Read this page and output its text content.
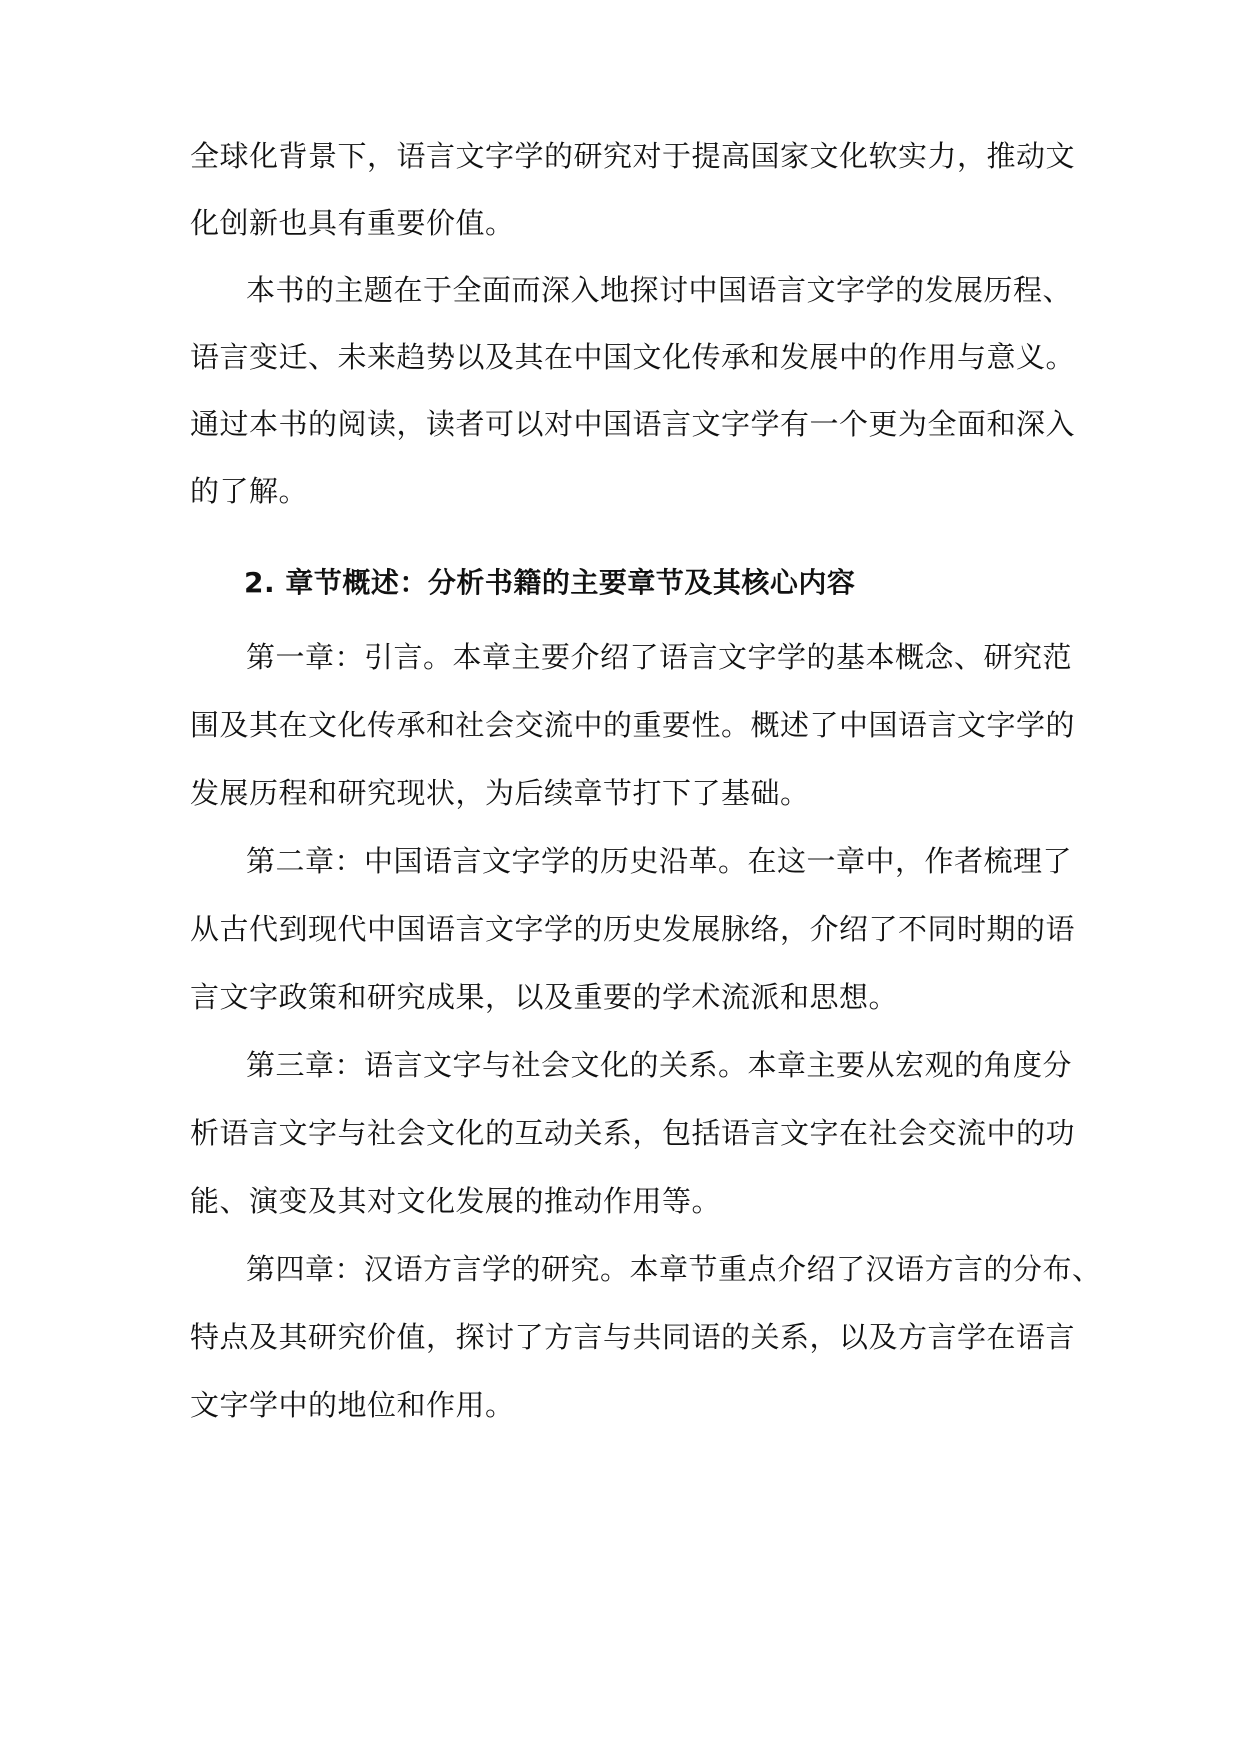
全球化背景下，语言文字学的研究对于提高国家文化软实力，推动文

化创新也具有重要价值。

本书的主题在于全面而深入地探讨中国语言文字学的发展历程、

语言变迁、未来趋势以及其在中国文化传承和发展中的作用与意义。

通过本书的阅读，读者可以对中国语言文字学有一个更为全面和深入

的了解。

2. 章节概述：分析书籍的主要章节及其核心内容

第一章：引言。本章主要介绍了语言文字学的基本概念、研究范

围及其在文化传承和社会交流中的重要性。概述了中国语言文字学的

发展历程和研究现状，为后续章节打下了基础。

第二章：中国语言文字学的历史沿革。在这一章中，作者梳理了

从古代到现代中国语言文字学的历史发展脉络，介绍了不同时期的语

言文字政策和研究成果，以及重要的学术流派和思想。

第三章：语言文字与社会文化的关系。本章主要从宏观的角度分

析语言文字与社会文化的互动关系，包括语言文字在社会交流中的功

能、演变及其对文化发展的推动作用等。

第四章：汉语方言学的研究。本章节重点介绍了汉语方言的分布、

特点及其研究价值，探讨了方言与共同语的关系，以及方言学在语言

文字学中的地位和作用。
